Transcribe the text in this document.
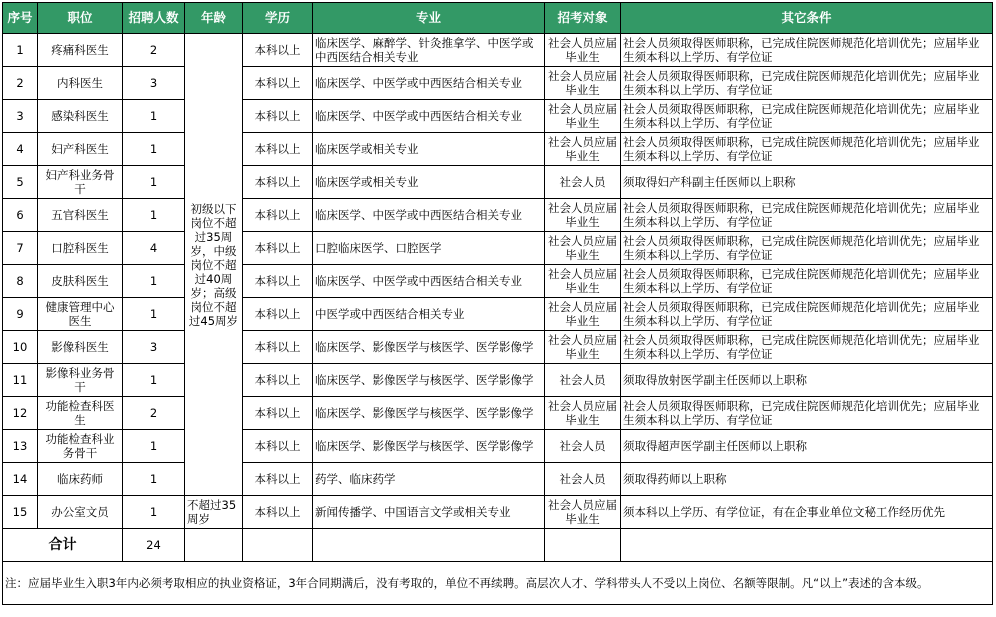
序号	职位	招聘人数	年龄	学历	专业	招考对象	其它条件
1	疼痛科医生	2	初级以下岗位不超过35周岁，中级岗位不超过40周岁；高级岗位不超过45周岁	本科以上	临床医学、麻醉学、针灸推拿学、中医学或中西医结合相关专业	社会人员应届毕业生	社会人员须取得医师职称，已完成住院医师规范化培训优先；应届毕业生须本科以上学历、有学位证
2	内科医生	3		本科以上	临床医学、中医学或中西医结合相关专业	社会人员应届毕业生	社会人员须取得医师职称，已完成住院医师规范化培训优先；应届毕业生须本科以上学历、有学位证
3	感染科医生	1		本科以上	临床医学、中医学或中西医结合相关专业	社会人员应届毕业生	社会人员须取得医师职称，已完成住院医师规范化培训优先；应届毕业生须本科以上学历、有学位证
4	妇产科医生	1		本科以上	临床医学或相关专业	社会人员应届毕业生	社会人员须取得医师职称，已完成住院医师规范化培训优先；应届毕业生须本科以上学历、有学位证
5	妇产科业务骨干	1		本科以上	临床医学或相关专业	社会人员	须取得妇产科副主任医师以上职称
6	五官科医生	1		本科以上	临床医学、中医学或中西医结合相关专业	社会人员应届毕业生	社会人员须取得医师职称，已完成住院医师规范化培训优先；应届毕业生须本科以上学历、有学位证
7	口腔科医生	4		本科以上	口腔临床医学、口腔医学	社会人员应届毕业生	社会人员须取得医师职称，已完成住院医师规范化培训优先；应届毕业生须本科以上学历、有学位证
8	皮肤科医生	1		本科以上	临床医学、中医学或中西医结合相关专业	社会人员应届毕业生	社会人员须取得医师职称，已完成住院医师规范化培训优先；应届毕业生须本科以上学历、有学位证
9	健康管理中心医生	1		本科以上	中医学或中西医结合相关专业	社会人员应届毕业生	社会人员须取得医师职称，已完成住院医师规范化培训优先；应届毕业生须本科以上学历、有学位证
10	影像科医生	3		本科以上	临床医学、影像医学与核医学、医学影像学	社会人员应届毕业生	社会人员须取得医师职称，已完成住院医师规范化培训优先；应届毕业生须本科以上学历、有学位证
11	影像科业务骨干	1		本科以上	临床医学、影像医学与核医学、医学影像学	社会人员	须取得放射医学副主任医师以上职称
12	功能检查科医生	2		本科以上	临床医学、影像医学与核医学、医学影像学	社会人员应届毕业生	社会人员须取得医师职称，已完成住院医师规范化培训优先；应届毕业生须本科以上学历、有学位证
13	功能检查科业务骨干	1		本科以上	临床医学、影像医学与核医学、医学影像学	社会人员	须取得超声医学副主任医师以上职称
14	临床药师	1		本科以上	药学、临床药学	社会人员	须取得药师以上职称
15	办公室文员	1	不超过35周岁	本科以上	新闻传播学、中国语言文学或相关专业	社会人员应届毕业生	须本科以上学历、有学位证，有在企事业单位文秘工作经历优先
合计		24					
注：应届毕业生入职3年内必须考取相应的执业资格证，3年合同期满后，没有考取的，单位不再续聘。高层次人才、学科带头人不受以上岗位、名额等限制。凡“以上”表述的含本级。							
